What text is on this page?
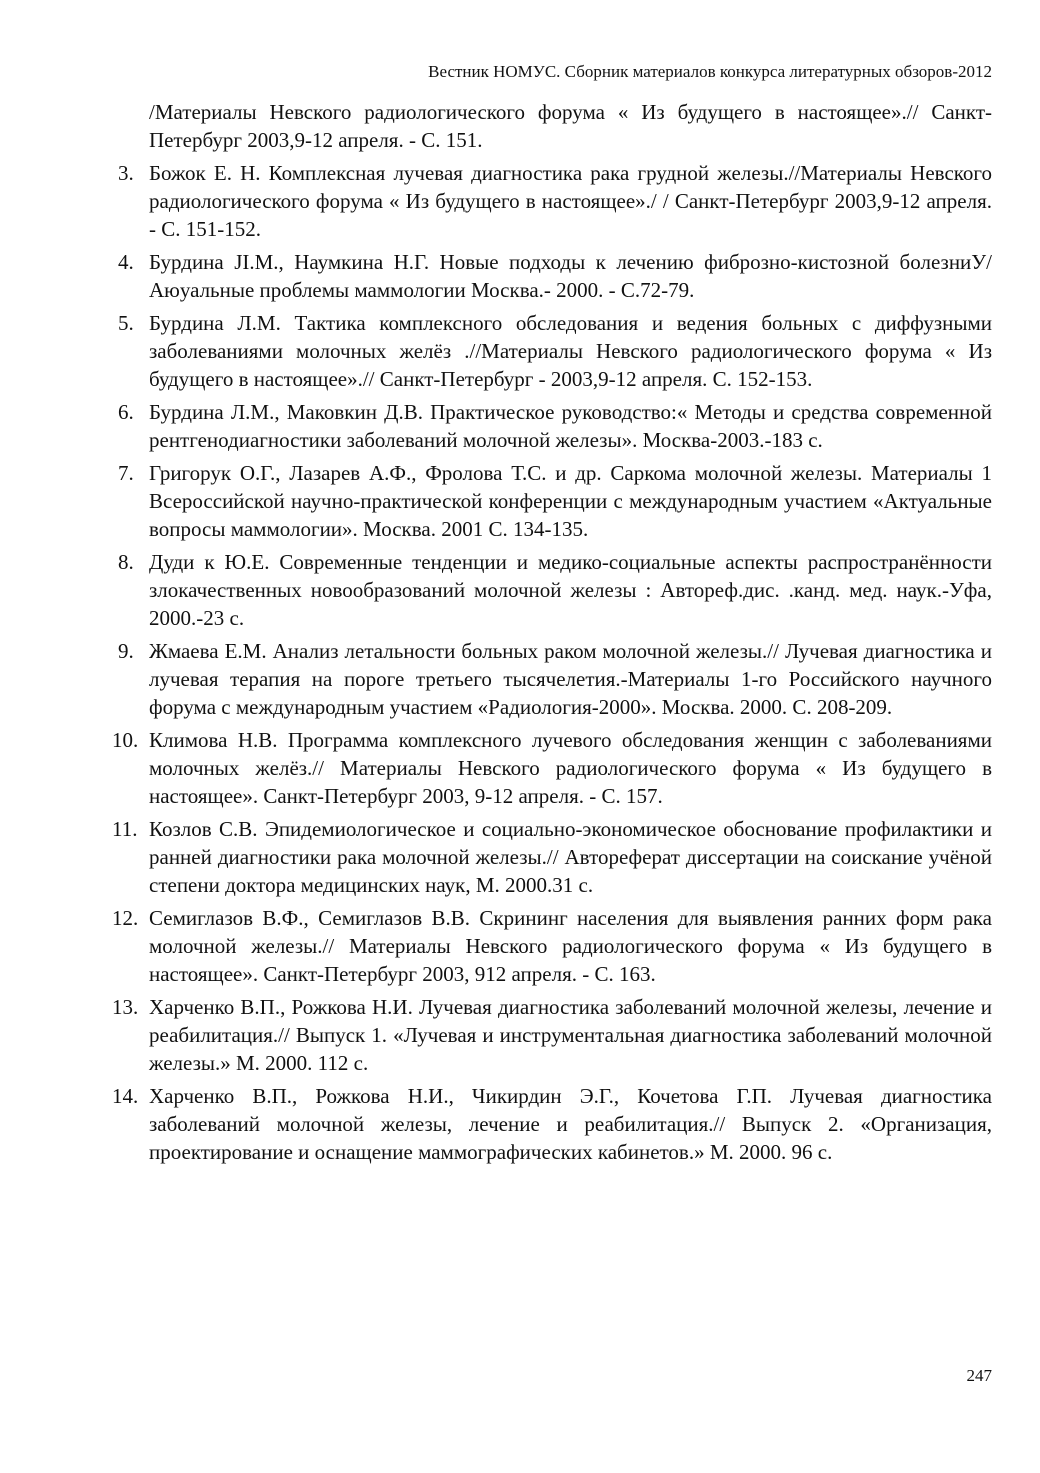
Вестник НОМУС. Сборник материалов конкурса литературных обзоров-2012

/Материалы Невского радиологического форума « Из будущего в настоящее».// Санкт-Петербург 2003,9-12 апреля. - С. 151.

3. Божок Е. Н. Комплексная лучевая диагностика рака грудной железы.//Материалы Невского радиологического форума « Из будущего в настоящее»./ / Санкт-Петербург 2003,9-12 апреля. - С. 151-152.
4. Бурдина JI.М., Наумкина Н.Г. Новые подходы к лечению фиброзно-кистозной болезниУ/Аюуальные проблемы маммологии Москва.- 2000. - С.72-79.
5. Бурдина Л.М. Тактика комплексного обследования и ведения больных с диффузными заболеваниями молочных желёз .//Материалы Невского радиологического форума « Из будущего в настоящее».// Санкт-Петербург - 2003,9-12 апреля. С. 152-153.
6. Бурдина Л.М., Маковкин Д.В. Практическое руководство:« Методы и средства современной рентгенодиагностики заболеваний молочной железы». Москва-2003.-183 с.
7. Григорук О.Г., Лазарев А.Ф., Фролова Т.С. и др. Саркома молочной железы. Материалы 1 Всероссийской научно-практической конференции с международным участием «Актуальные вопросы маммологии». Москва. 2001 С. 134-135.
8. Дуди к Ю.Е. Современные тенденции и медико-социальные аспекты распространённости злокачественных новообразований молочной железы : Автореф.дис. .канд. мед. наук.-Уфа, 2000.-23 с.
9. Жмаева Е.М. Анализ летальности больных раком молочной железы.// Лучевая диагностика и лучевая терапия на пороге третьего тысячелетия.-Материалы 1-го Российского научного форума с международным участием «Радиология-2000». Москва. 2000. С. 208-209.
10. Климова Н.В. Программа комплексного лучевого обследования женщин с заболеваниями молочных желёз.// Материалы Невского радиологического форума « Из будущего в настоящее». Санкт-Петербург 2003, 9-12 апреля. - С. 157.
11. Козлов С.В. Эпидемиологическое и социально-экономическое обоснование профилактики и ранней диагностики рака молочной железы.// Автореферат диссертации на соискание учёной степени доктора медицинских наук, М. 2000.31 с.
12. Семиглазов В.Ф., Семиглазов В.В. Скрининг населения для выявления ранних форм рака молочной железы.// Материалы Невского радиологического форума « Из будущего в настоящее». Санкт-Петербург 2003, 912 апреля. - С. 163.
13. Харченко В.П., Рожкова Н.И. Лучевая диагностика заболеваний молочной железы, лечение и реабилитация.// Выпуск 1. «Лучевая и инструментальная диагностика заболеваний молочной железы.» М. 2000. 112 с.
14. Харченко В.П., Рожкова Н.И., Чикирдин Э.Г., Кочетова Г.П. Лучевая диагностика заболеваний молочной железы, лечение и реабилитация.// Выпуск 2. «Организация, проектирование и оснащение маммографических кабинетов.» М. 2000. 96 с.
247
